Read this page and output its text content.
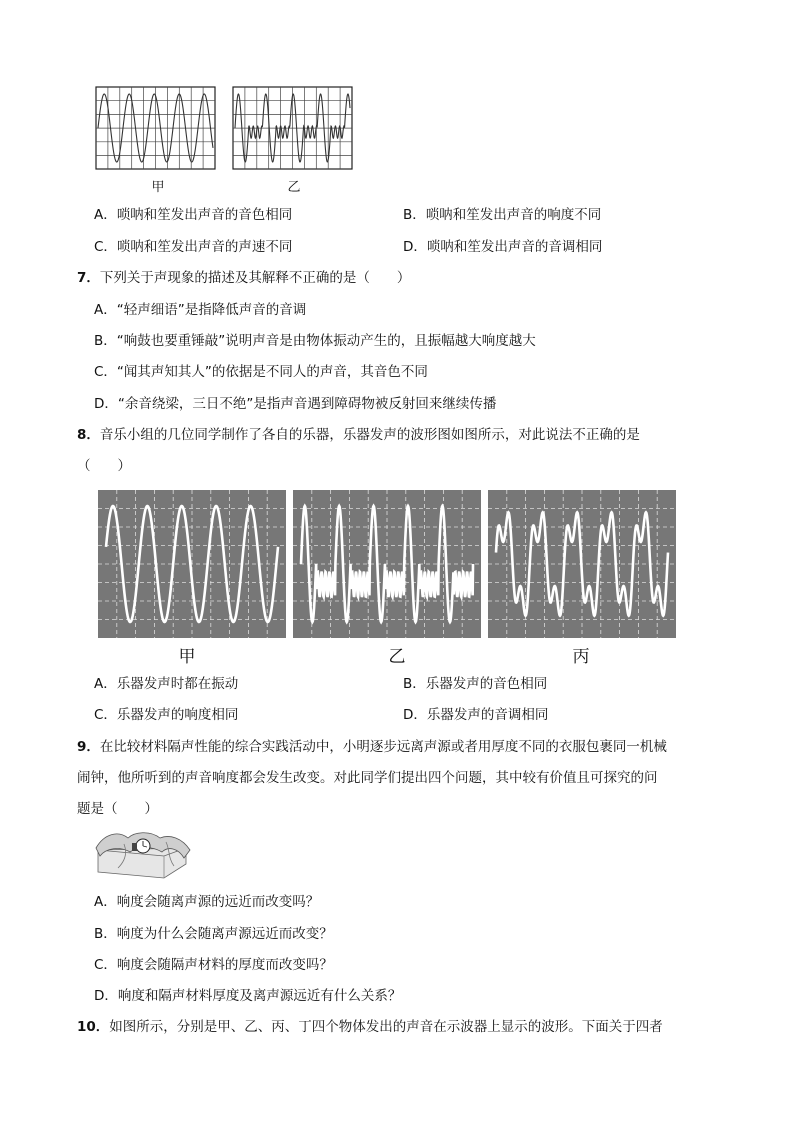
甲	乙
A．唢呐和笙发出声音的音色相同	B．唢呐和笙发出声音的响度不同
C．唢呐和笙发出声音的声速不同	D．唢呐和笙发出声音的音调相同
7．下列关于声现象的描述及其解释不正确的是（　　）
A．“轻声细语”是指降低声音的音调
B．“响鼓也要重锤敲”说明声音是由物体振动产生的，且振幅越大响度越大
C．“闻其声知其人”的依据是不同人的声音，其音色不同
D．“余音绕梁，三日不绝”是指声音遇到障碍物被反射回来继续传播
8．音乐小组的几位同学制作了各自的乐器，乐器发声的波形图如图所示，对此说法不正确的是
（　　）
甲	乙	丙
A．乐器发声时都在振动	B．乐器发声的音色相同
C．乐器发声的响度相同	D．乐器发声的音调相同
9．在比较材料隔声性能的综合实践活动中，小明逐步远离声源或者用厚度不同的衣服包裹同一机械
闹钟，他所听到的声音响度都会发生改变。对此同学们提出四个问题，其中较有价值且可探究的问
题是（　　）
A．响度会随离声源的远近而改变吗？
B．响度为什么会随离声源远近而改变？
C．响度会随隔声材料的厚度而改变吗？
D．响度和隔声材料厚度及离声源远近有什么关系？
10．如图所示，分别是甲、乙、丙、丁四个物体发出的声音在示波器上显示的波形。下面关于四者
